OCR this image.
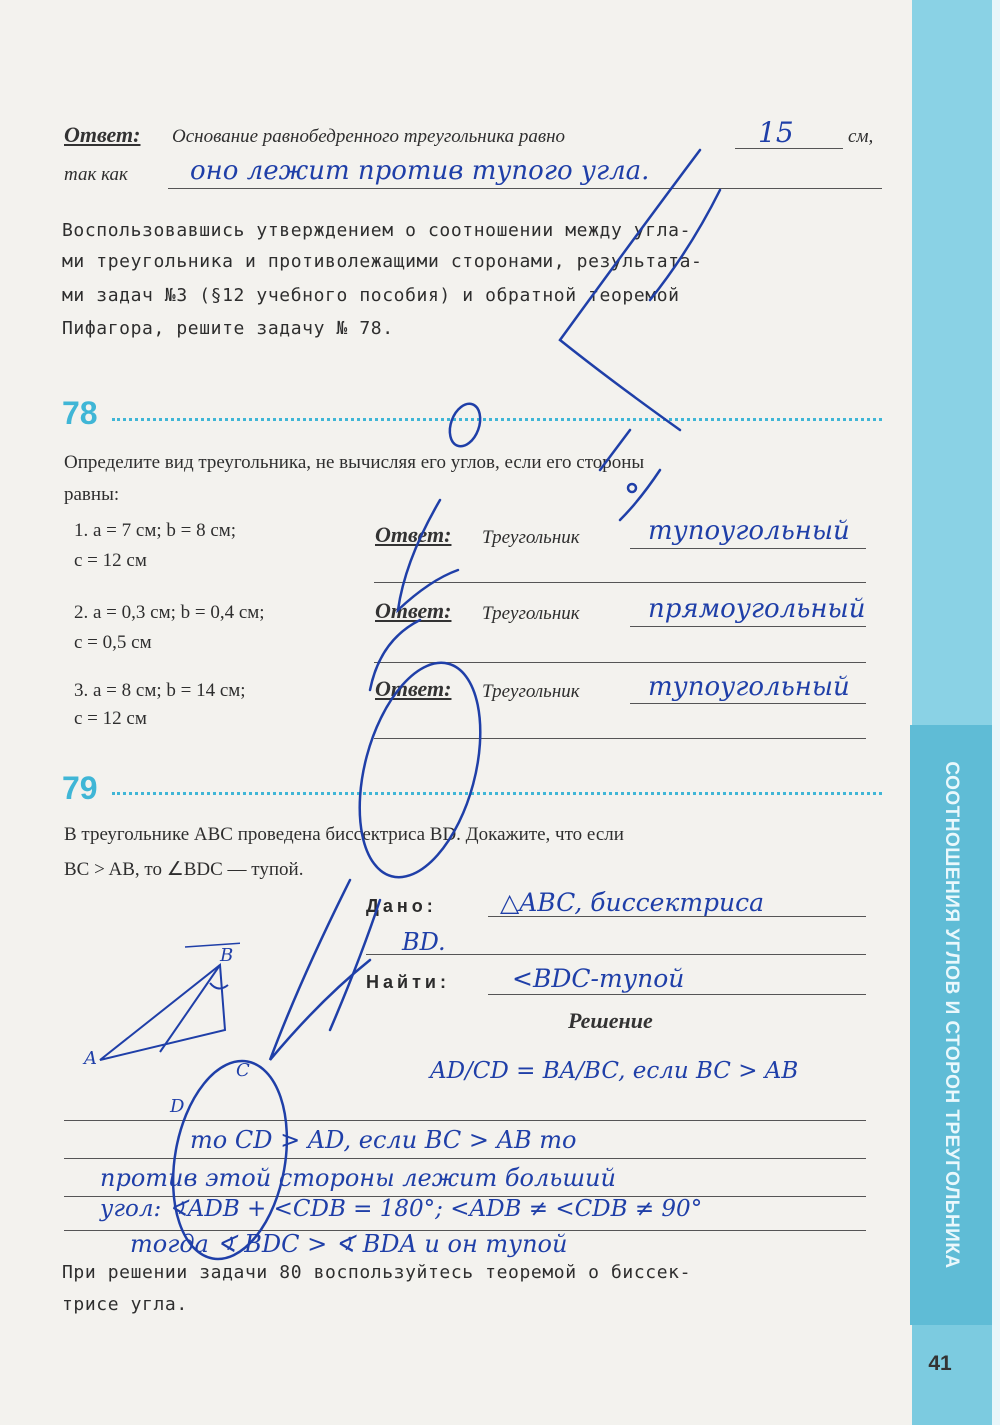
СООТНОШЕНИЯ УГЛОВ И СТОРОН ТРЕУГОЛЬНИКА
41
Ответ: Основание равнобедренного треугольника равно	15	см,
так как оно лежит против тупого угла.
Воспользовавшись утверждением о соотношении между угла-
ми треугольника и противолежащими сторонами, результата-
ми задач №3 (§12 учебного пособия) и обратной теоремой
Пифагора, решите задачу № 78.
78
Определите вид треугольника, не вычисляя его углов, если его стороны
равны:
1. a = 7 см; b = 8 см;
c = 12 см
Ответ: Треугольник	тупоугольный
2. a = 0,3 см; b = 0,4 см;
c = 0,5 см
Ответ: Треугольник	прямоугольный
3. a = 8 см; b = 14 см;
c = 12 см
Ответ: Треугольник	тупоугольный
79
В треугольнике ABC проведена биссектриса BD. Докажите, что если
BC > AB, то ∠BDC — тупой.
Дано:	△ABC, биссектриса
BD.
Найти: <BDC-тупой
Решение
B
A
C
D
AD/CD = BA/BC, если BC > AB
то CD > AD, если BC > AB то
против этой стороны лежит больший
угол: ∢ADB + <CDB = 180°; <ADB ≠ <CDB ≠ 90°
тогда ∢ BDC > ∢ BDA и он тупой
При решении задачи 80 воспользуйтесь теоремой о биссек-
трисе угла.
